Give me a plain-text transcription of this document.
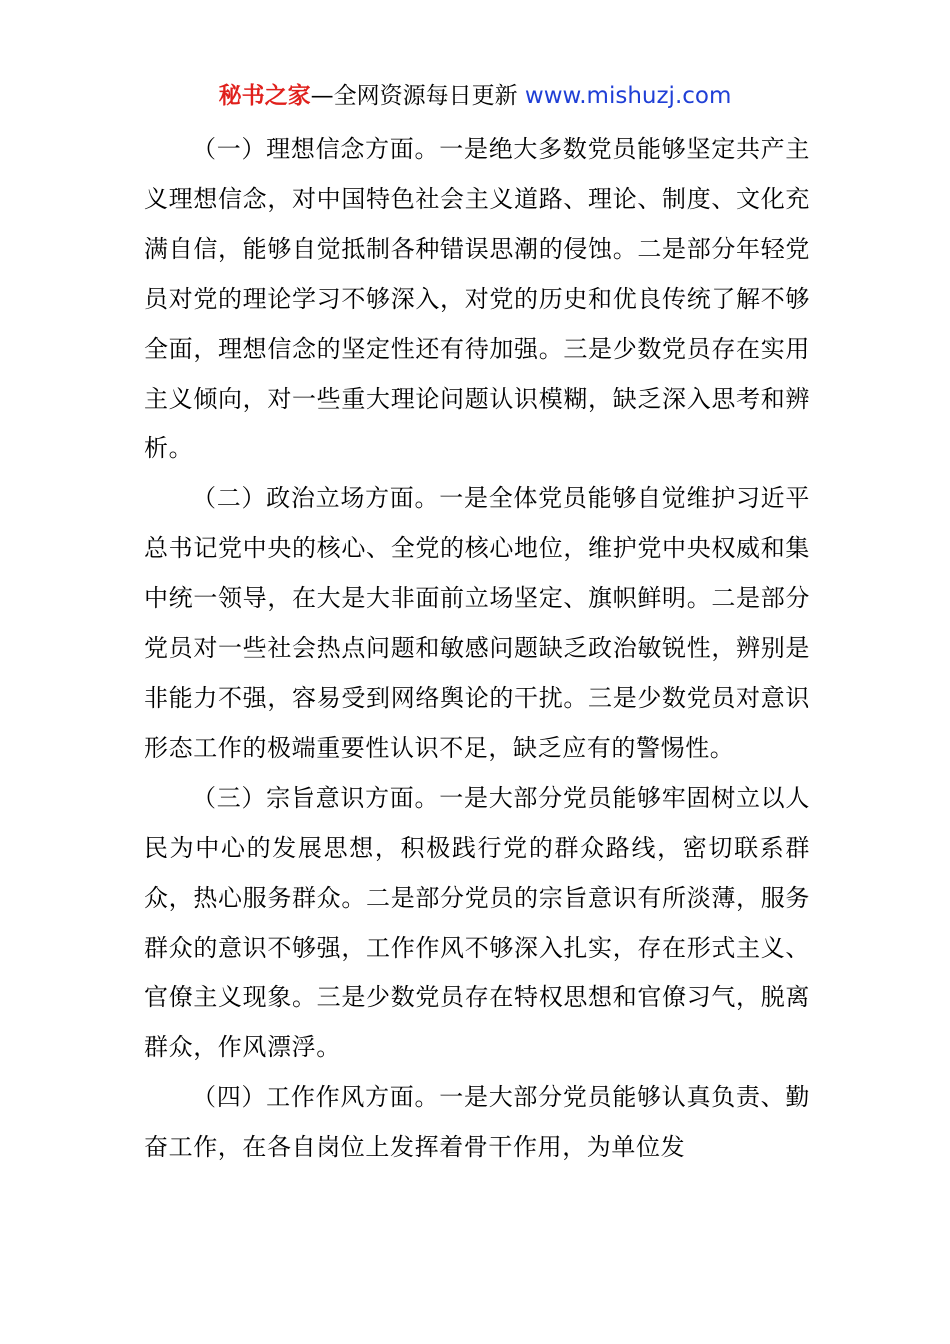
秘书之家—全网资源每日更新 www.mishuzj.com

（一）理想信念方面。一是绝大多数党员能够坚定共产主义理想信念，对中国特色社会主义道路、理论、制度、文化充满自信，能够自觉抵制各种错误思潮的侵蚀。二是部分年轻党员对党的理论学习不够深入，对党的历史和优良传统了解不够全面，理想信念的坚定性还有待加强。三是少数党员存在实用主义倾向，对一些重大理论问题认识模糊，缺乏深入思考和辨析。

（二）政治立场方面。一是全体党员能够自觉维护习近平总书记党中央的核心、全党的核心地位，维护党中央权威和集中统一领导，在大是大非面前立场坚定、旗帜鲜明。二是部分党员对一些社会热点问题和敏感问题缺乏政治敏锐性，辨别是非能力不强，容易受到网络舆论的干扰。三是少数党员对意识形态工作的极端重要性认识不足，缺乏应有的警惕性。

（三）宗旨意识方面。一是大部分党员能够牢固树立以人民为中心的发展思想，积极践行党的群众路线，密切联系群众，热心服务群众。二是部分党员的宗旨意识有所淡薄，服务群众的意识不够强，工作作风不够深入扎实，存在形式主义、官僚主义现象。三是少数党员存在特权思想和官僚习气，脱离群众，作风漂浮。

（四）工作作风方面。一是大部分党员能够认真负责、勤奋工作，在各自岗位上发挥着骨干作用，为单位发
